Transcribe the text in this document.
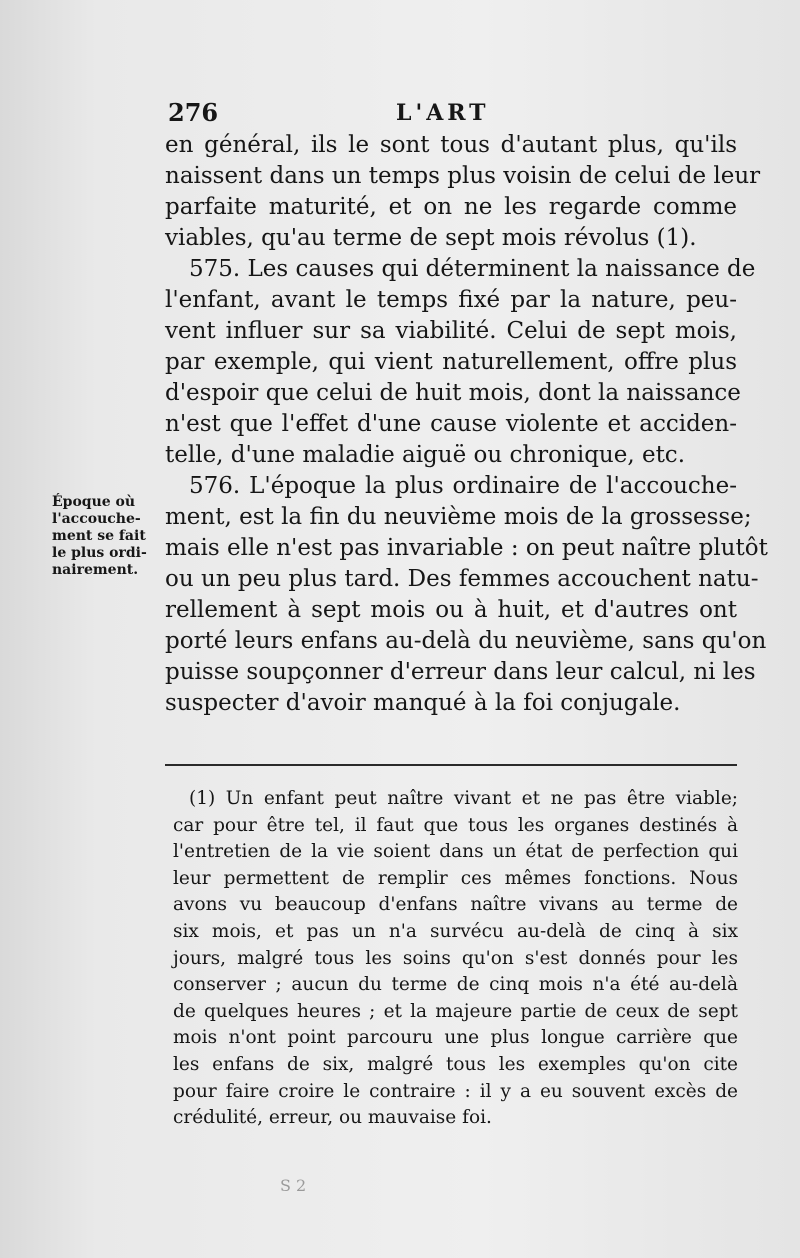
276	L'ART
Époque où
l'accouche-
ment se fait
le plus ordi-
nairement.
en général, ils le sont tous d'autant plus, qu'ils
naissent dans un temps plus voisin de celui de leur
parfaite maturité, et on ne les regarde comme
viables, qu'au terme de sept mois révolus (1).
575. Les causes qui déterminent la naissance de
l'enfant, avant le temps fixé par la nature, peu-
vent influer sur sa viabilité. Celui de sept mois,
par exemple, qui vient naturellement, offre plus
d'espoir que celui de huit mois, dont la naissance
n'est que l'effet d'une cause violente et acciden-
telle, d'une maladie aiguë ou chronique, etc.
576. L'époque la plus ordinaire de l'accouche-
ment, est la fin du neuvième mois de la grossesse;
mais elle n'est pas invariable : on peut naître plutôt
ou un peu plus tard. Des femmes accouchent natu-
rellement à sept mois ou à huit, et d'autres ont
porté leurs enfans au-delà du neuvième, sans qu'on
puisse soupçonner d'erreur dans leur calcul, ni les
suspecter d'avoir manqué à la foi conjugale.
(1) Un enfant peut naître vivant et ne pas être viable;
car pour être tel, il faut que tous les organes destinés à
l'entretien de la vie soient dans un état de perfection qui
leur permettent de remplir ces mêmes fonctions. Nous
avons vu beaucoup d'enfans naître vivans au terme de
six mois, et pas un n'a survécu au-delà de cinq à six
jours, malgré tous les soins qu'on s'est donnés pour les
conserver ; aucun du terme de cinq mois n'a été au-delà
de quelques heures ; et la majeure partie de ceux de sept
mois n'ont point parcouru une plus longue carrière que
les enfans de six, malgré tous les exemples qu'on cite
pour faire croire le contraire : il y a eu souvent excès de
crédulité, erreur, ou mauvaise foi.
S 2
